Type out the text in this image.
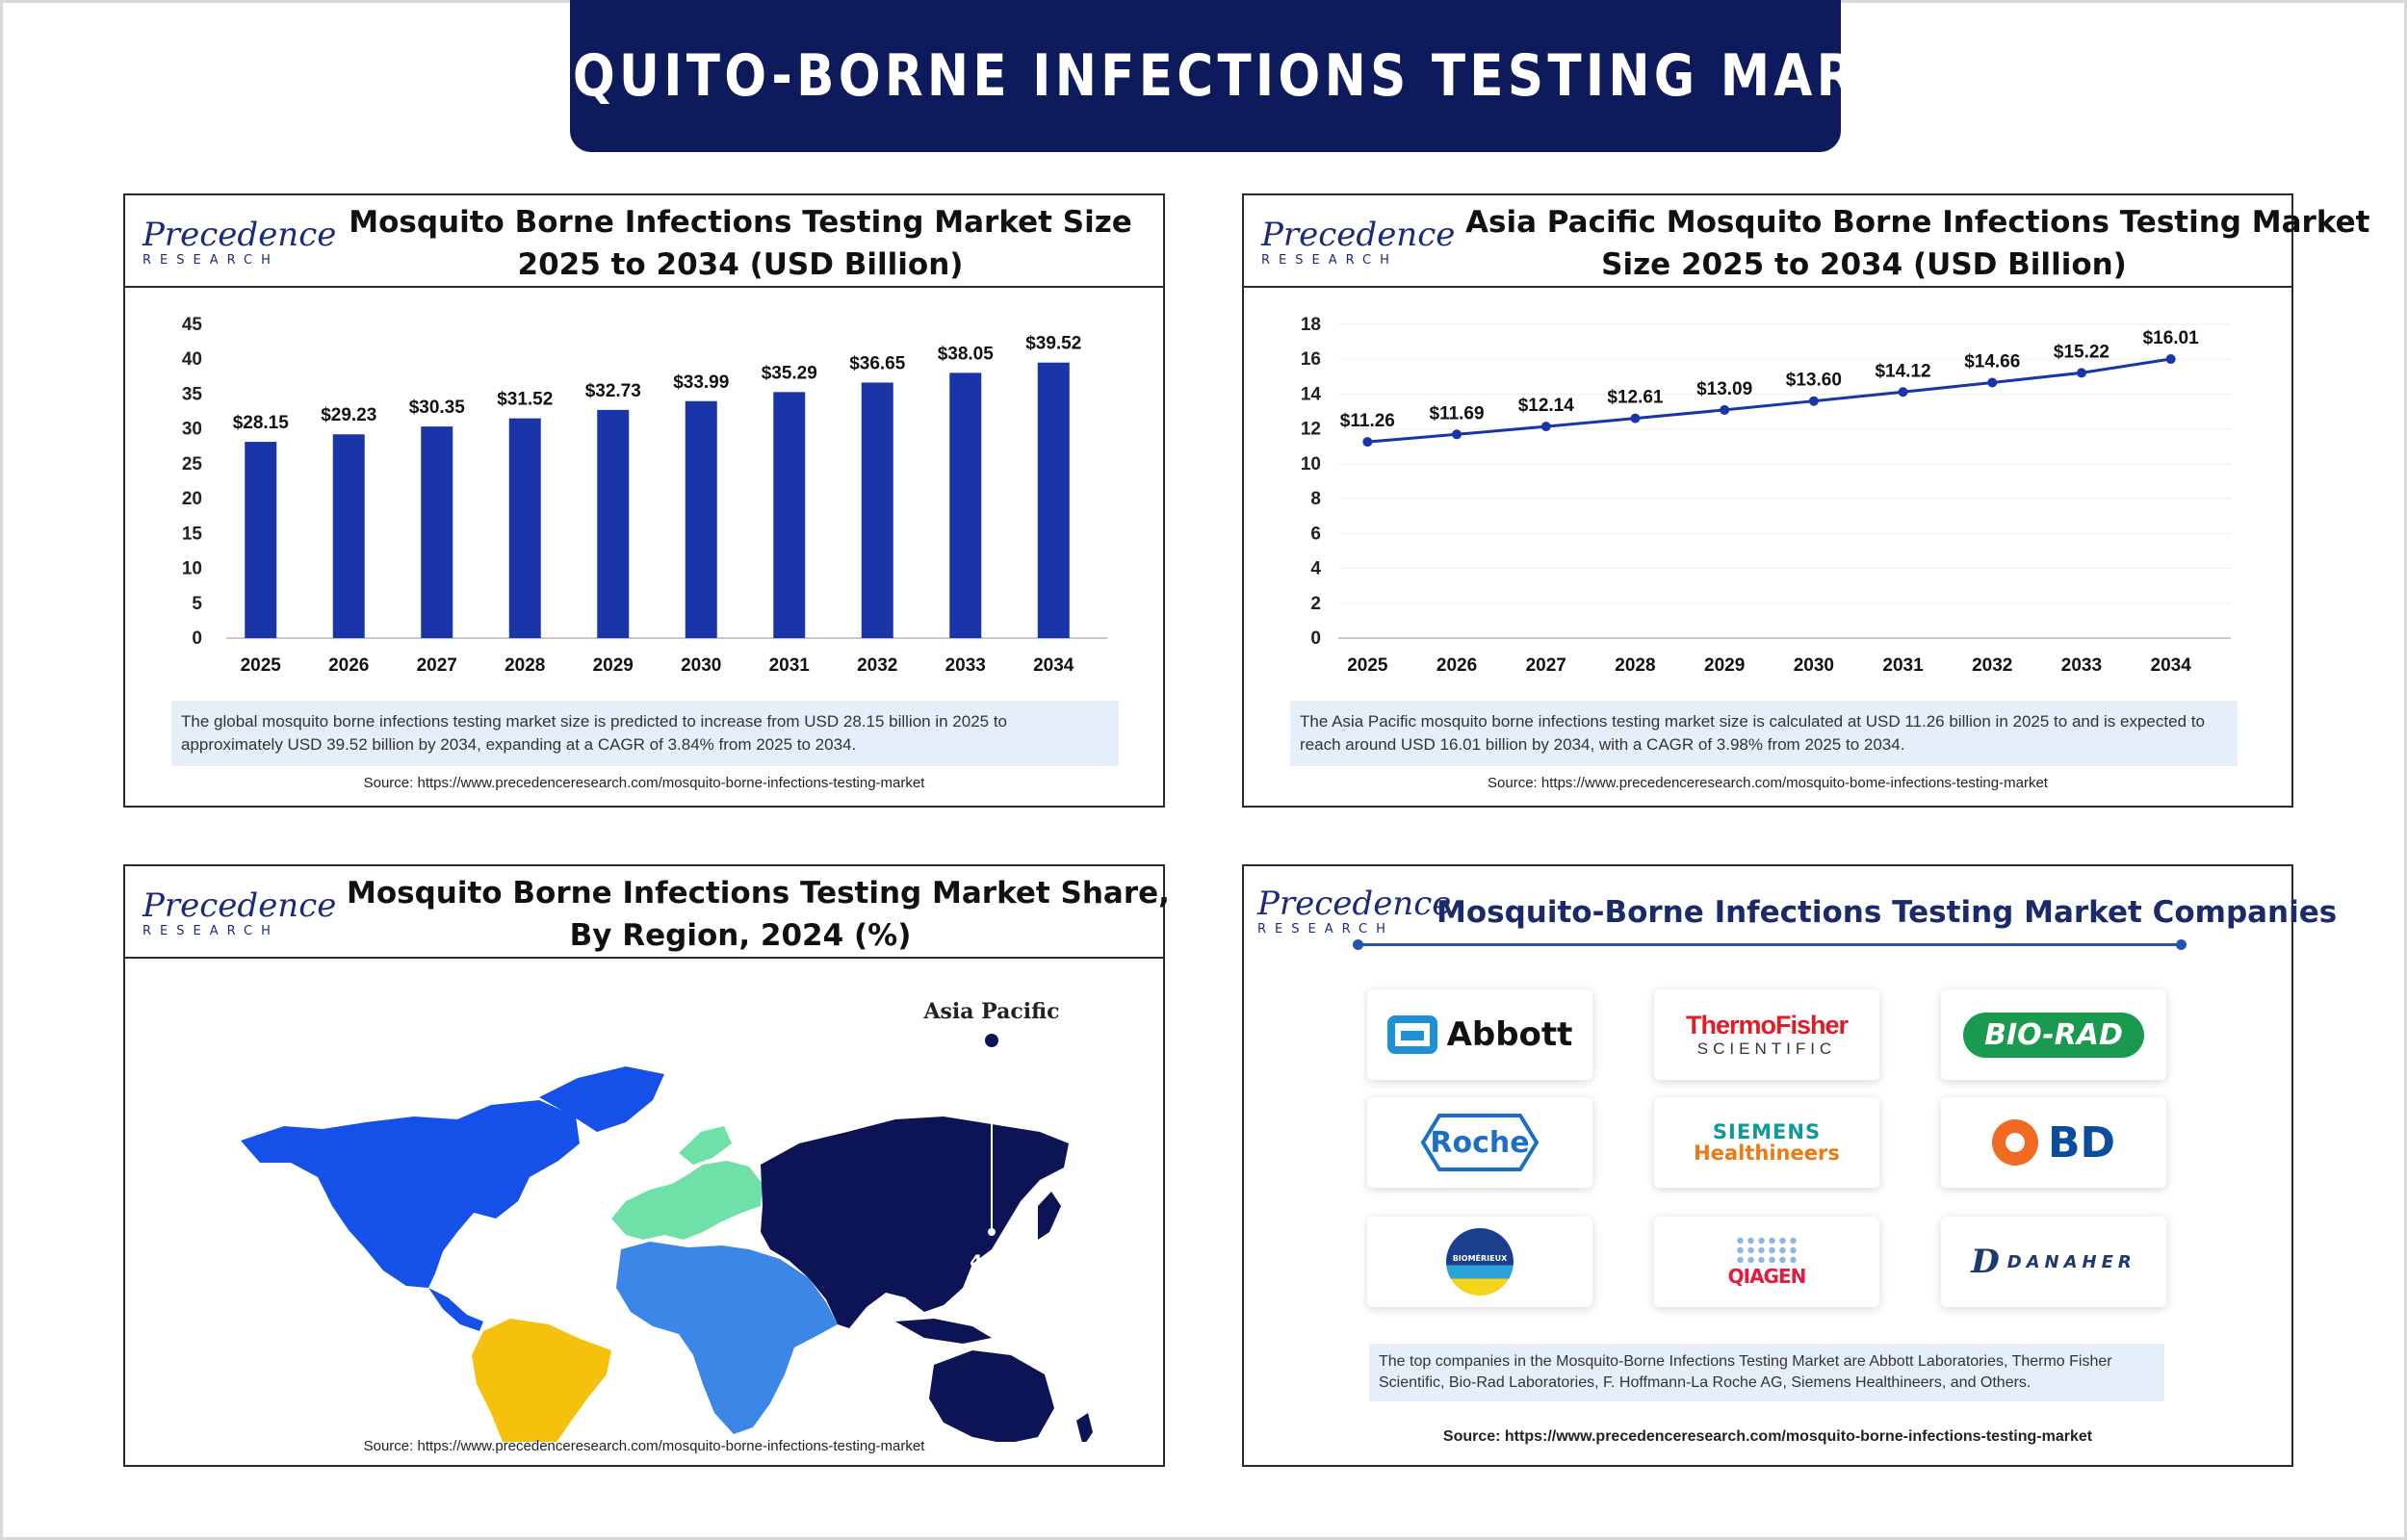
MOSQUITO-BORNE INFECTIONS TESTING MARKET
Precedence
RESEARCH
Mosquito Borne Infections Testing Market Size
2025 to 2034 (USD Billion)
0
5
10
15
20
25
30
35
40
45
$28.15
2025
$29.23
2026
$30.35
2027
$31.52
2028
$32.73
2029
$33.99
2030
$35.29
2031
$36.65
2032
$38.05
2033
$39.52
2034
The global mosquito borne infections testing market size is predicted to increase from USD 28.15 billion in 2025 to approximately USD 39.52 billion by 2034, expanding at a CAGR of 3.84% from 2025 to 2034.
Source: https://www.precedenceresearch.com/mosquito-borne-infections-testing-market
Precedence
RESEARCH
Asia Pacific Mosquito Borne Infections Testing Market
Size 2025 to 2034 (USD Billion)
0
2
4
6
8
10
12
14
16
18
$11.26
2025
$11.69
2026
$12.14
2027
$12.61
2028
$13.09
2029
$13.60
2030
$14.12
2031
$14.66
2032
$15.22
2033
$16.01
2034
The Asia Pacific mosquito borne infections testing market size is calculated at USD 11.26 billion in 2025 to and is expected to reach around USD 16.01 billion by 2034, with a CAGR of 3.98% from 2025 to 2034.
Source: https://www.precedenceresearch.com/mosquito-bome-infections-testing-market
Precedence
RESEARCH
Mosquito Borne Infections Testing Market Share,
By Region, 2024 (%)
Asia Pacific
40%
Source: https://www.precedenceresearch.com/mosquito-borne-infections-testing-market
Precedence
RESEARCH	Mosquito-Borne Infections Testing Market Companies
Abbott	ThermoFisher
SCIENTIFIC	BIO-RAD
Roche	SIEMENS
Healthineers	BD
BIOMÉRIEUX
QIAGEN	D DANAHER
The top companies in the Mosquito-Borne Infections Testing Market are Abbott Laboratories, Thermo Fisher Scientific, Bio-Rad Laboratories, F. Hoffmann-La Roche AG, Siemens Healthineers, and Others.
Source: https://www.precedenceresearch.com/mosquito-borne-infections-testing-market
